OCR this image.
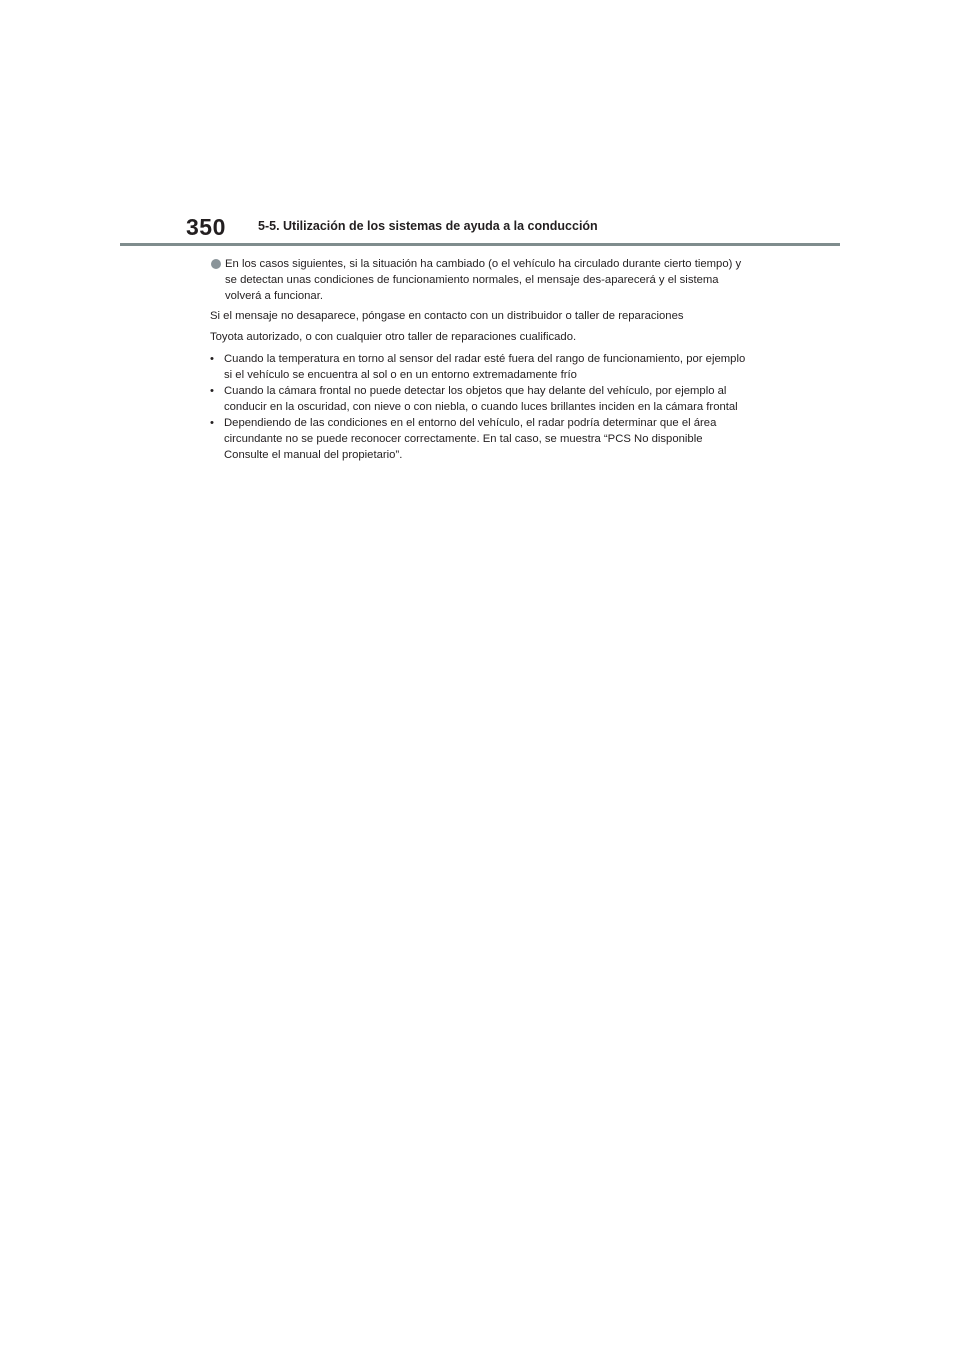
350	5-5. Utilización de los sistemas de ayuda a la conducción
En los casos siguientes, si la situación ha cambiado (o el vehículo ha circulado durante cierto tiempo) y se detectan unas condiciones de funcionamiento normales, el mensaje des-aparecerá y el sistema volverá a funcionar.

Si el mensaje no desaparece, póngase en contacto con un distribuidor o taller de reparaciones

Toyota autorizado, o con cualquier otro taller de reparaciones cualificado.

• Cuando la temperatura en torno al sensor del radar esté fuera del rango de funcionamiento, por ejemplo si el vehículo se encuentra al sol o en un entorno extremadamente frío
• Cuando la cámara frontal no puede detectar los objetos que hay delante del vehículo, por ejemplo al conducir en la oscuridad, con nieve o con niebla, o cuando luces brillantes inciden en la cámara frontal
• Dependiendo de las condiciones en el entorno del vehículo, el radar podría determinar que el área circundante no se puede reconocer correctamente. En tal caso, se muestra “PCS No disponible Consulte el manual del propietario”.
